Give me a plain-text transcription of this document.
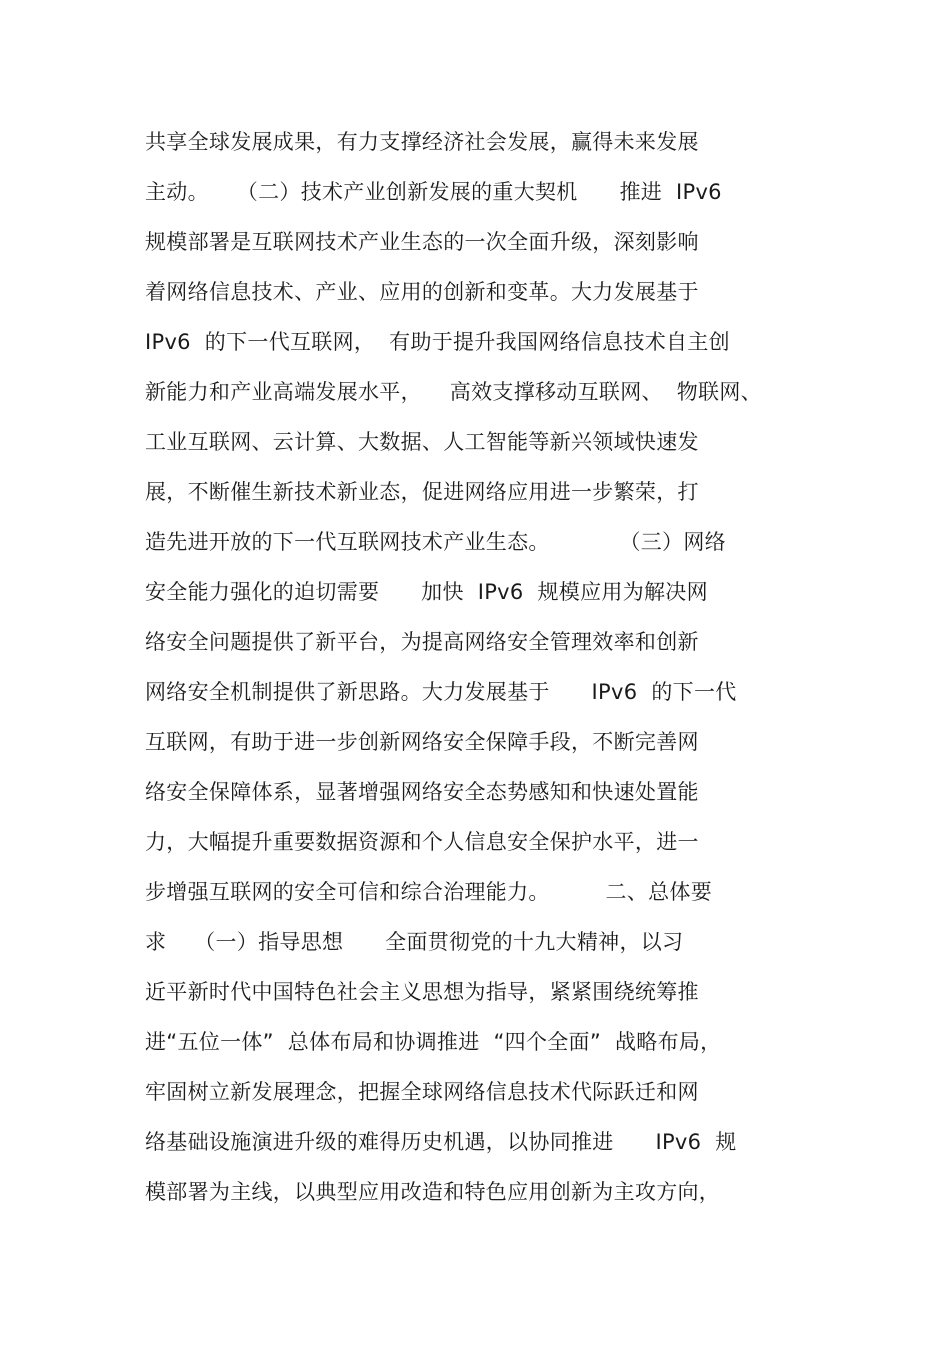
共享全球发展成果，有力支撑经济社会发展，赢得未来发展
主动。    （二）技术产业创新发展的重大契机      推进  IPv6
规模部署是互联网技术产业生态的一次全面升级，深刻影响
着网络信息技术、产业、应用的创新和变革。大力发展基于
IPv6  的下一代互联网，  有助于提升我国网络信息技术自主创
新能力和产业高端发展水平，    高效支撑移动互联网、  物联网、
工业互联网、云计算、大数据、人工智能等新兴领域快速发
展，不断催生新技术新业态，促进网络应用进一步繁荣，打
造先进开放的下一代互联网技术产业生态。          （三）网络
安全能力强化的迫切需要      加快  IPv6  规模应用为解决网
络安全问题提供了新平台，为提高网络安全管理效率和创新
网络安全机制提供了新思路。大力发展基于      IPv6  的下一代
互联网，有助于进一步创新网络安全保障手段，不断完善网
络安全保障体系，显著增强网络安全态势感知和快速处置能
力，大幅提升重要数据资源和个人信息安全保护水平，进一
步增强互联网的安全可信和综合治理能力。        二、总体要
求    （一）指导思想      全面贯彻党的十九大精神，以习
近平新时代中国特色社会主义思想为指导，紧紧围绕统筹推
进“五位一体”  总体布局和协调推进  “四个全面”  战略布局，
牢固树立新发展理念，把握全球网络信息技术代际跃迁和网
络基础设施演进升级的难得历史机遇，以协同推进      IPv6  规
模部署为主线，以典型应用改造和特色应用创新为主攻方向，
